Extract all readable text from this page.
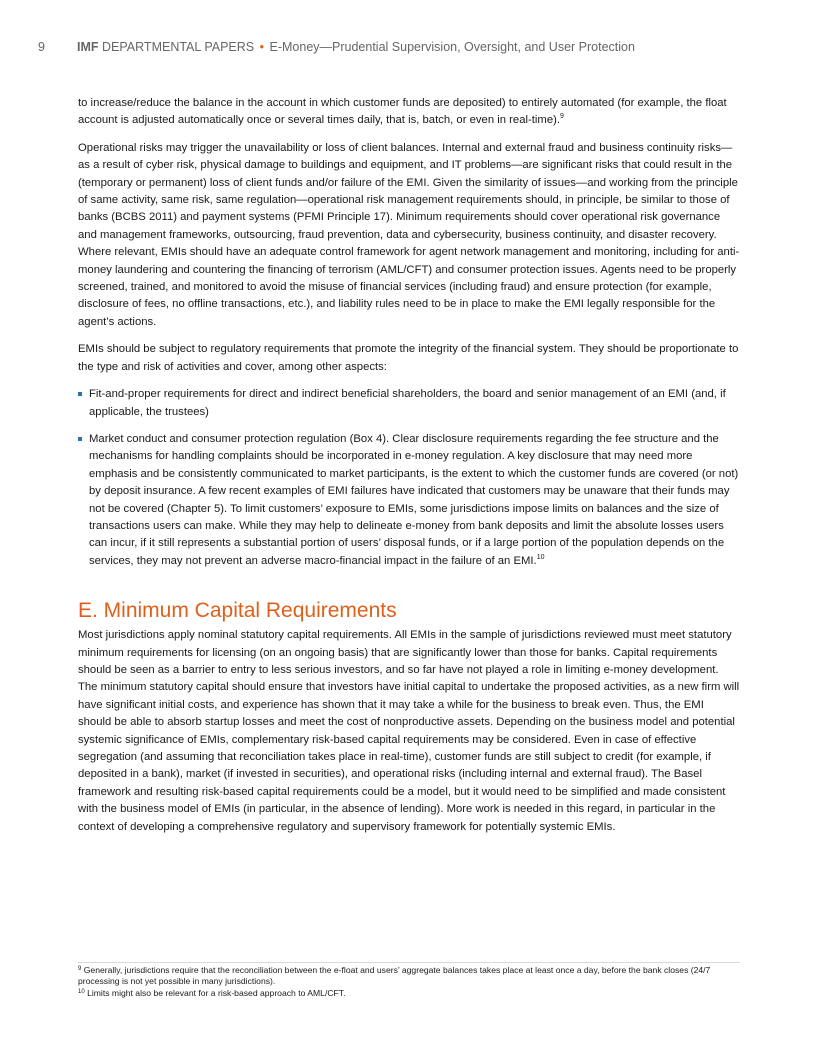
9	IMF DEPARTMENTAL PAPERS • E-Money—Prudential Supervision, Oversight, and User Protection

to increase/reduce the balance in the account in which customer funds are deposited) to entirely automated (for example, the float account is adjusted automatically once or several times daily, that is, batch, or even in real-time).$^9$

Operational risks may trigger the unavailability or loss of client balances. Internal and external fraud and business continuity risks—as a result of cyber risk, physical damage to buildings and equipment, and IT problems—are significant risks that could result in the (temporary or permanent) loss of client funds and/or failure of the EMI. Given the similarity of issues—and working from the principle of same activity, same risk, same regulation—operational risk management requirements should, in principle, be similar to those of banks (BCBS 2011) and payment systems (PFMI Principle 17). Minimum requirements should cover operational risk governance and management frameworks, outsourcing, fraud prevention, data and cybersecurity, business continuity, and disaster recovery. Where relevant, EMIs should have an adequate control framework for agent network management and monitoring, including for anti-money laundering and countering the financing of terrorism (AML/CFT) and consumer protection issues. Agents need to be properly screened, trained, and monitored to avoid the misuse of financial services (including fraud) and ensure protection (for example, disclosure of fees, no offline transactions, etc.), and liability rules need to be in place to make the EMI legally responsible for the agent’s actions.

EMIs should be subject to regulatory requirements that promote the integrity of the financial system. They should be proportionate to the type and risk of activities and cover, among other aspects:

Fit-and-proper requirements for direct and indirect beneficial shareholders, the board and senior management of an EMI (and, if applicable, the trustees)
Market conduct and consumer protection regulation (Box 4). Clear disclosure requirements regarding the fee structure and the mechanisms for handling complaints should be incorporated in e-money regulation. A key disclosure that may need more emphasis and be consistently communicated to market participants, is the extent to which the customer funds are covered (or not) by deposit insurance. A few recent examples of EMI failures have indicated that customers may be unaware that their funds may not be covered (Chapter 5). To limit customers’ exposure to EMIs, some jurisdictions impose limits on balances and the size of transactions users can make. While they may help to delineate e-money from bank deposits and limit the absolute losses users can incur, if it still represents a substantial portion of users’ disposal funds, or if a large portion of the population depends on the services, they may not prevent an adverse macro-financial impact in the failure of an EMI.$^{10}$
E. Minimum Capital Requirements

Most jurisdictions apply nominal statutory capital requirements. All EMIs in the sample of jurisdictions reviewed must meet statutory minimum requirements for licensing (on an ongoing basis) that are significantly lower than those for banks. Capital requirements should be seen as a barrier to entry to less serious investors, and so far have not played a role in limiting e-money development. The minimum statutory capital should ensure that investors have initial capital to undertake the proposed activities, as a new firm will have significant initial costs, and experience has shown that it may take a while for the business to break even. Thus, the EMI should be able to absorb startup losses and meet the cost of nonproductive assets. Depending on the business model and potential systemic significance of EMIs, complementary risk-based capital requirements may be considered. Even in case of effective segregation (and assuming that reconciliation takes place in real-time), customer funds are still subject to credit (for example, if deposited in a bank), market (if invested in securities), and operational risks (including internal and external fraud). The Basel framework and resulting risk-based capital requirements could be a model, but it would need to be simplified and made consistent with the business model of EMIs (in particular, in the absence of lending). More work is needed in this regard, in particular in the context of developing a comprehensive regulatory and supervisory framework for potentially systemic EMIs.

$^9$ Generally, jurisdictions require that the reconciliation between the e-float and users’ aggregate balances takes place at least once a day, before the bank closes (24/7 processing is not yet possible in many jurisdictions).

$^{10}$ Limits might also be relevant for a risk-based approach to AML/CFT.
